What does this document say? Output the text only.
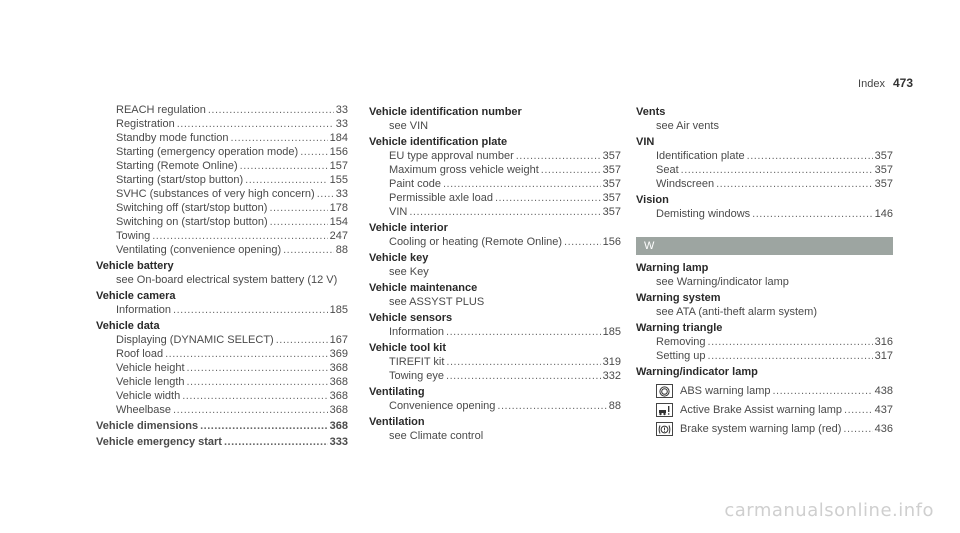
Index 473
REACH regulation .....	33
Registration .....	33
Standby mode function .....	184
Starting (emergency operation mode) .....	156
Starting (Remote Online) .....	157
Starting (start/stop button) .....	155
SVHC (substances of very high concern) ..... 33
Switching off (start/stop button) .....	178
Switching on (start/stop button) .....	154
Towing .....	247
Ventilating (convenience opening) .....	88
Vehicle battery
see On-board electrical system battery (12 V)
Vehicle camera
Information .....	185
Vehicle data
Displaying (DYNAMIC SELECT) .....	167
Roof load .....	369
Vehicle height .....	368
Vehicle length .....	368
Vehicle width .....	368
Wheelbase .....	368
Vehicle dimensions .....	368
Vehicle emergency start .....	333
Vehicle identification number
see VIN
Vehicle identification plate
EU type approval number .....	357
Maximum gross vehicle weight .....	357
Paint code .....	357
Permissible axle load .....	357
VIN .....	357
Vehicle interior
Cooling or heating (Remote Online) .....	156
Vehicle key
see Key
Vehicle maintenance
see ASSYST PLUS
Vehicle sensors
Information .....	185
Vehicle tool kit
TIREFIT kit .....	319
Towing eye .....	332
Ventilating
Convenience opening .....	88
Ventilation
see Climate control
Vents
see Air vents
VIN
Identification plate .....	357
Seat .....	357
Windscreen .....	357
Vision
Demisting windows .....	146
W
Warning lamp
see Warning/indicator lamp
Warning system
see ATA (anti-theft alarm system)
Warning triangle
Removing .....	316
Setting up .....	317
Warning/indicator lamp
ABS warning lamp .....	438
Active Brake Assist warning lamp .....	437
Brake system warning lamp (red) .....	436
carmanualsonline.info
